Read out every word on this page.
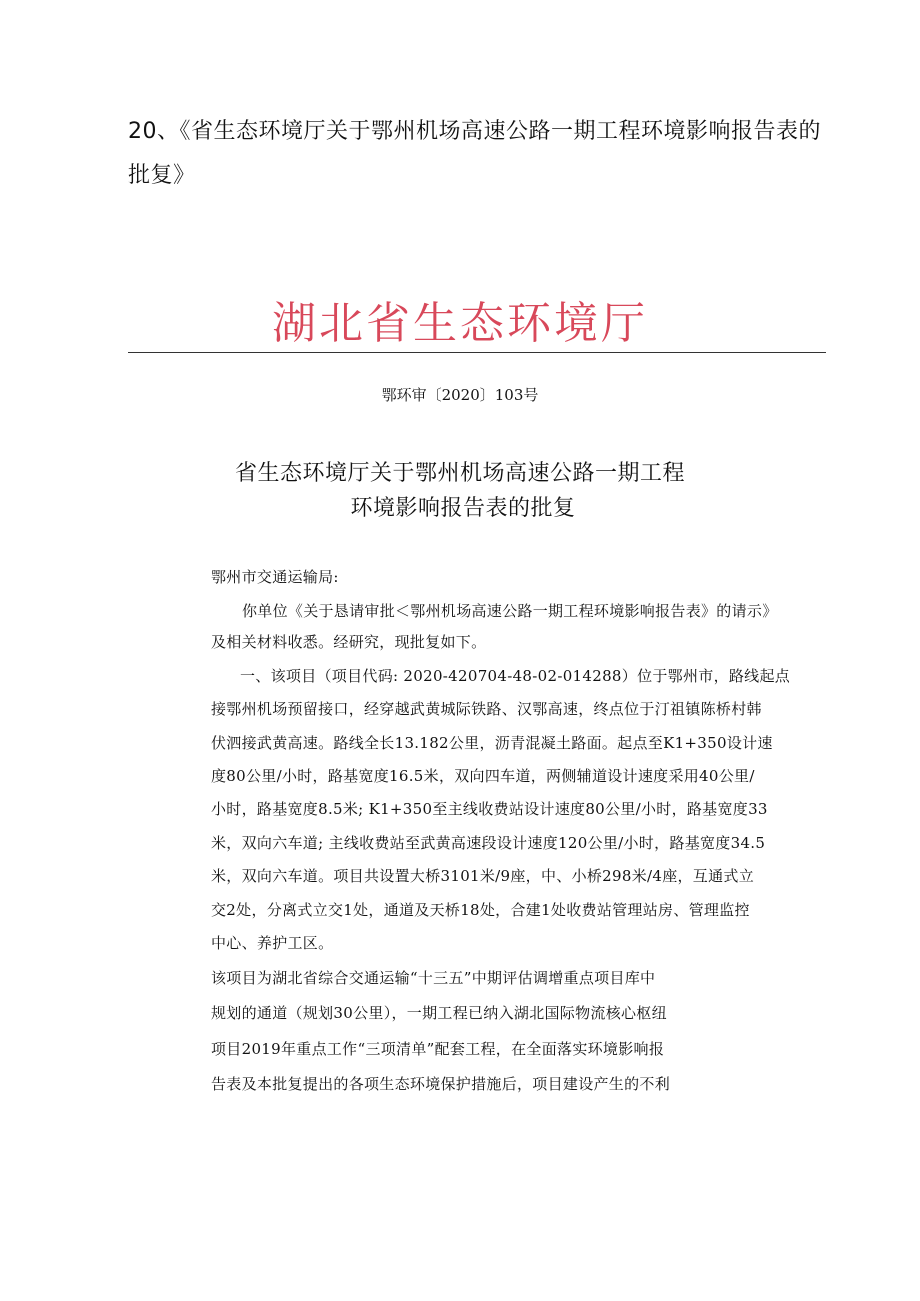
20、《省生态环境厅关于鄂州机场高速公路一期工程环境影响报告表的批复》
湖北省生态环境厅
鄂环审〔2020〕103号
省生态环境厅关于鄂州机场高速公路一期工程
环境影响报告表的批复
鄂州市交通运输局:
你单位《关于恳请审批＜鄂州机场高速公路一期工程环境影响报告表》的请示》
及相关材料收悉。经研究，现批复如下。
一、该项目（项目代码: 2020-420704-48-02-014288）位于鄂州市，路线起点
接鄂州机场预留接口，经穿越武黄城际铁路、汉鄂高速，终点位于汀祖镇陈桥村韩
伏泗接武黄高速。路线全长13.182公里，沥青混凝土路面。起点至K1+350设计速
度80公里/小时，路基宽度16.5米，双向四车道，两侧辅道设计速度采用40公里/
小时，路基宽度8.5米; K1+350至主线收费站设计速度80公里/小时，路基宽度33
米，双向六车道; 主线收费站至武黄高速段设计速度120公里/小时，路基宽度34.5
米，双向六车道。项目共设置大桥3101米/9座，中、小桥298米/4座，互通式立
交2处，分离式立交1处，通道及天桥18处，合建1处收费站管理站房、管理监控
中心、养护工区。
该项目为湖北省综合交通运输“十三五”中期评估调增重点项目库中
规划的通道（规划30公里），一期工程已纳入湖北国际物流核心枢纽
项目2019年重点工作“三项清单”配套工程，在全面落实环境影响报
告表及本批复提出的各项生态环境保护措施后，项目建设产生的不利
